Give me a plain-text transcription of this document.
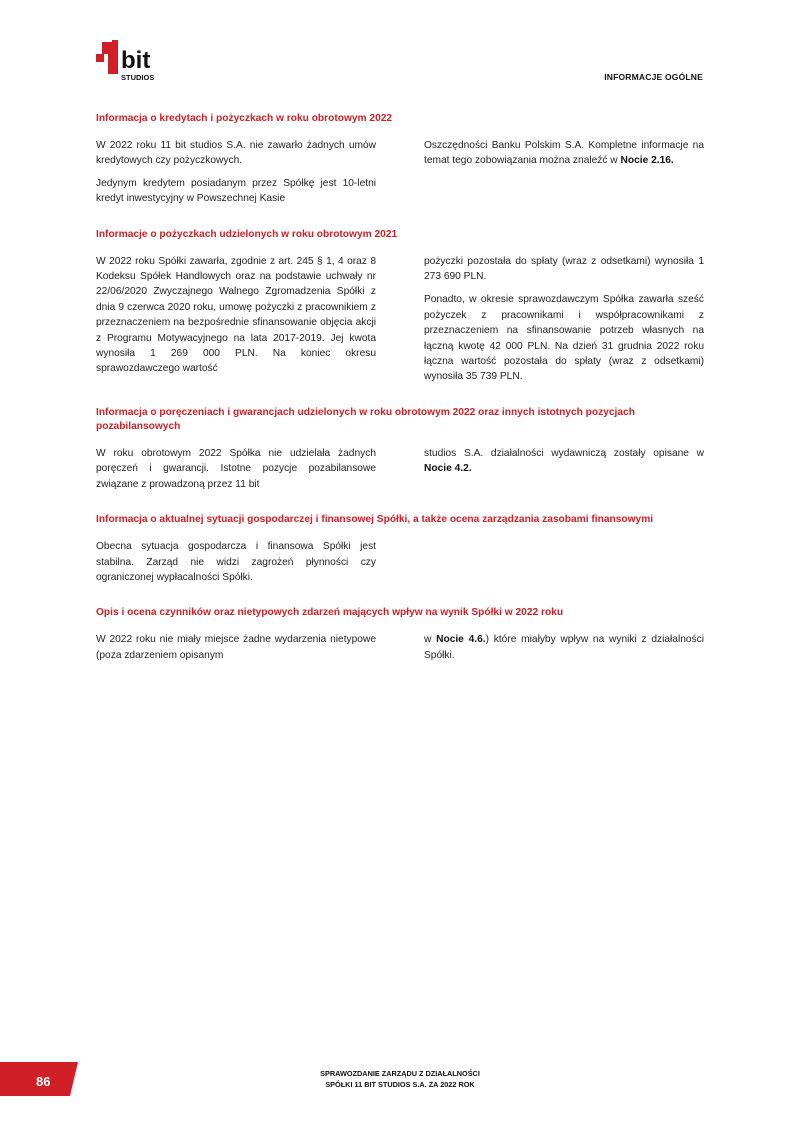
bit
STUDIOS	INFORMACJE OGÓLNE
Informacja o kredytach i pożyczkach w roku obrotowym 2022

W 2022 roku 11 bit studios S.A. nie zawarło żadnych umów kredytowych czy pożyczkowych.

Jedynym kredytem posiadanym przez Spółkę jest 10-letni kredyt inwestycyjny w Powszechnej Kasie

Oszczędności Banku Polskim S.A. Kompletne informacje na temat tego zobowiązania można znaleźć w Nocie 2.16.

Informacje o pożyczkach udzielonych w roku obrotowym 2021

W 2022 roku Spółki zawarła, zgodnie z art. 245 § 1, 4 oraz 8 Kodeksu Spółek Handlowych oraz na podstawie uchwały nr 22/06/2020 Zwyczajnego Walnego Zgromadzenia Spółki z dnia 9 czerwca 2020 roku, umowę pożyczki z pracownikiem z przeznaczeniem na bezpośrednie sfinansowanie objęcia akcji z Programu Motywacyjnego na lata 2017-2019. Jej kwota wynosiła 1 269 000 PLN. Na koniec okresu sprawozdawczego wartość

pożyczki pozostała do spłaty (wraz z odsetkami) wynosiła 1 273 690 PLN.

Ponadto, w okresie sprawozdawczym Spółka zawarła sześć pożyczek z pracownikami i współpracownikami z przeznaczeniem na sfinansowanie potrzeb własnych na łączną kwotę 42 000 PLN. Na dzień 31 grudnia 2022 roku łączna wartość pozostała do spłaty (wraz z odsetkami) wynosiła 35 739 PLN.

Informacja o poręczeniach i gwarancjach udzielonych w roku obrotowym 2022 oraz innych istotnych pozycjach pozabilansowych

W roku obrotowym 2022 Spółka nie udzielała żadnych poręczeń i gwarancji. Istotne pozycje pozabilansowe związane z prowadzoną przez 11 bit

studios S.A. działalności wydawniczą zostały opisane w Nocie 4.2.

Informacja o aktualnej sytuacji gospodarczej i finansowej Spółki, a także ocena zarządzania zasobami finansowymi

Obecna sytuacja gospodarcza i finansowa Spółki jest stabilna. Zarząd nie widzi zagrożeń płynności czy ograniczonej wypłacalności Spółki.

Opis i ocena czynników oraz nietypowych zdarzeń mających wpływ na wynik Spółki w 2022 roku

W 2022 roku nie miały miejsce żadne wydarzenia nietypowe (poza zdarzeniem opisanym

w Nocie 4.6.) które miałyby wpływ na wyniki z działalności Spółki.

86
SPRAWOZDANIE ZARZĄDU Z DZIAŁALNOŚCI
SPÓŁKI 11 BIT STUDIOS S.A. ZA 2022 ROK
